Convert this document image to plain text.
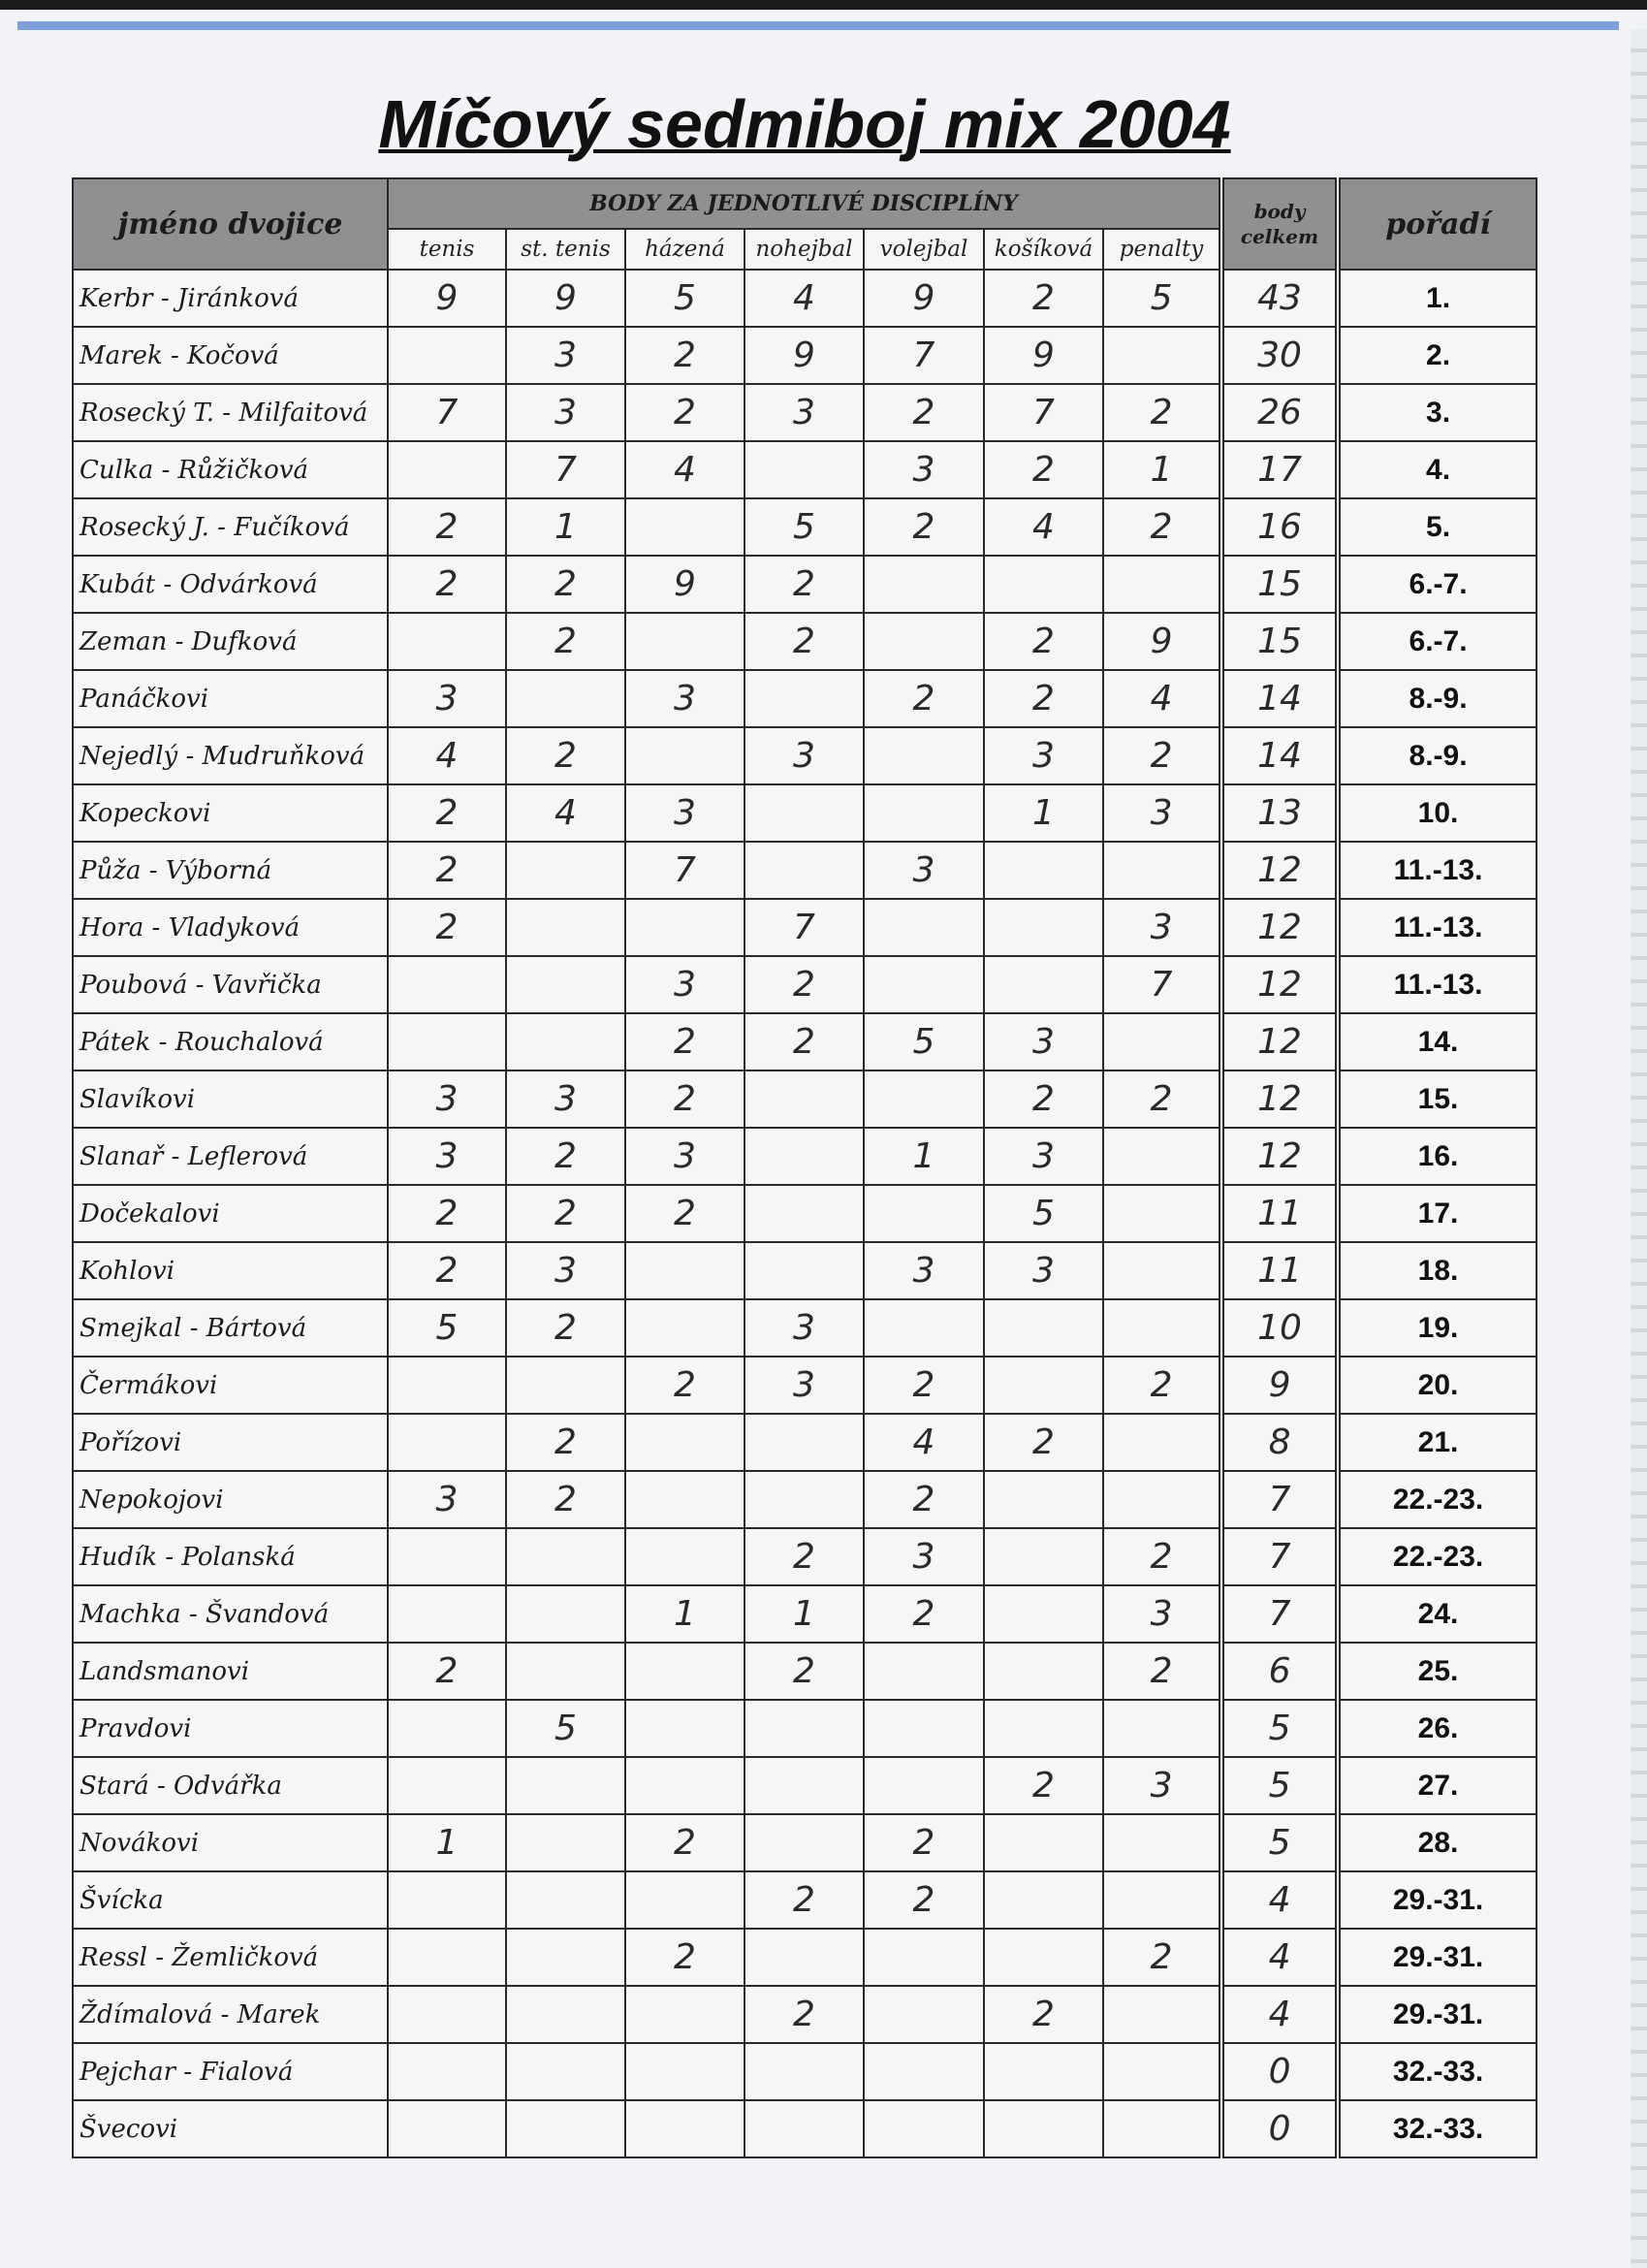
Míčový sedmiboj mix 2004
jméno dvojice	BODY ZA JEDNOTLIVÉ DISCIPLÍNY							body
celkem	pořadí
	tenis	st. tenis	házená	nohejbal	volejbal	košíková	penalty		
Kerbr - Jiránková	9	9	5	4	9	2	5	43	1.
Marek - Kočová		3	2	9	7	9		30	2.
Rosecký T. - Milfaitová	7	3	2	3	2	7	2	26	3.
Culka - Růžičková		7	4		3	2	1	17	4.
Rosecký J. - Fučíková	2	1		5	2	4	2	16	5.
Kubát - Odvárková	2	2	9	2				15	6.-7.
Zeman - Dufková		2		2		2	9	15	6.-7.
Panáčkovi	3		3		2	2	4	14	8.-9.
Nejedlý - Mudruňková	4	2		3		3	2	14	8.-9.
Kopeckovi	2	4	3			1	3	13	10.
Půža - Výborná	2		7		3			12	11.-13.
Hora - Vladyková	2			7			3	12	11.-13.
Poubová - Vavřička			3	2			7	12	11.-13.
Pátek - Rouchalová			2	2	5	3		12	14.
Slavíkovi	3	3	2			2	2	12	15.
Slanař - Leflerová	3	2	3		1	3		12	16.
Dočekalovi	2	2	2			5		11	17.
Kohlovi	2	3			3	3		11	18.
Smejkal - Bártová	5	2		3				10	19.
Čermákovi			2	3	2		2	9	20.
Pořízovi		2			4	2		8	21.
Nepokojovi	3	2			2			7	22.-23.
Hudík - Polanská				2	3		2	7	22.-23.
Machka - Švandová			1	1	2		3	7	24.
Landsmanovi	2			2			2	6	25.
Pravdovi		5						5	26.
Stará - Odvářka						2	3	5	27.
Novákovi	1		2		2			5	28.
Švícka				2	2			4	29.-31.
Ressl - Žemličková			2				2	4	29.-31.
Ždímalová - Marek				2		2		4	29.-31.
Pejchar - Fialová								0	32.-33.
Švecovi								0	32.-33.
